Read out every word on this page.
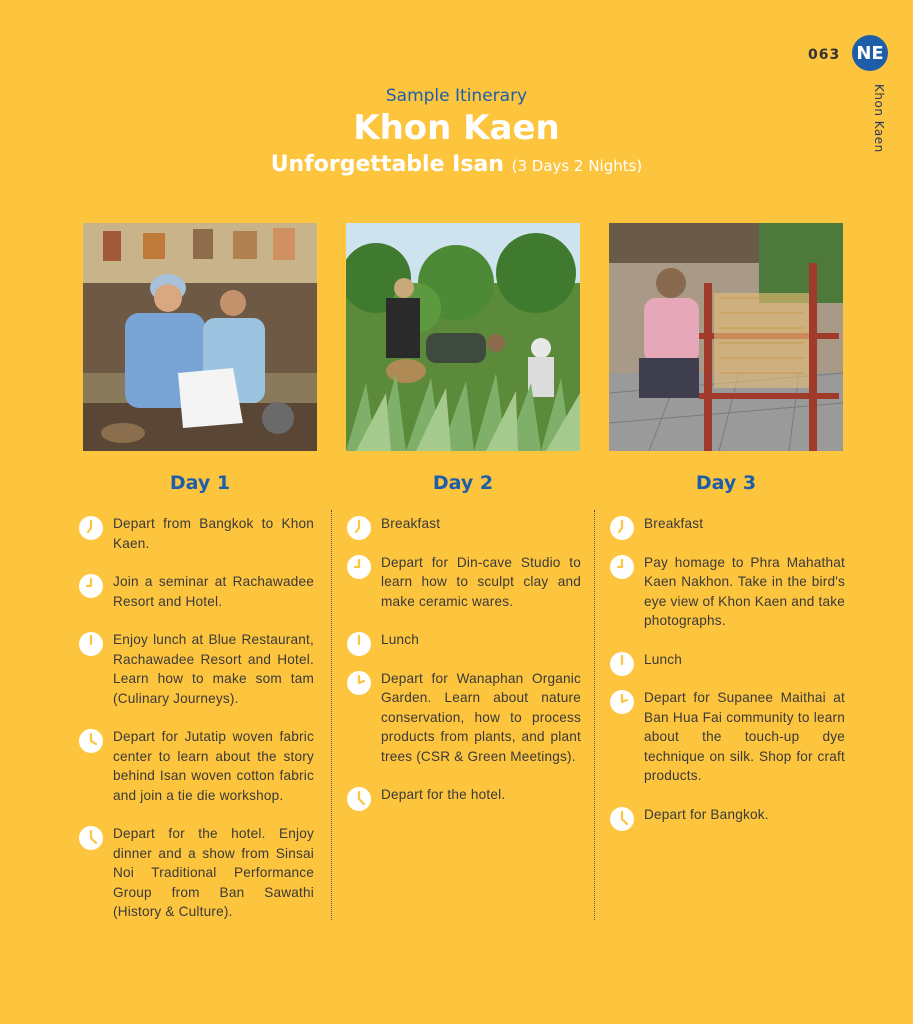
063 NE
Khon Kaen
Sample Itinerary
Khon Kaen
Unforgettable Isan (3 Days 2 Nights)
Day 1	Day 2	Day 3
Depart from Bangkok to Khon Kaen.
Join a seminar at Rachawadee Resort and Hotel.
Enjoy lunch at Blue Restaurant, Rachawadee Resort and Hotel. Learn how to make som tam (Culinary Journeys).
Depart for Jutatip woven fabric center to learn about the story behind Isan woven cotton fabric and join a tie die workshop.
Depart for the hotel. Enjoy dinner and a show from Sinsai Noi Traditional Performance Group from Ban Sawathi (History & Culture).
Breakfast
Depart for Din-cave Studio to learn how to sculpt clay and make ceramic wares.
Lunch
Depart for Wanaphan Organic Garden. Learn about nature conservation, how to process products from plants, and plant trees (CSR & Green Meetings).
Depart for the hotel.
Breakfast
Pay homage to Phra Mahathat Kaen Nakhon. Take in the bird's eye view of Khon Kaen and take photographs.
Lunch
Depart for Supanee Maithai at Ban Hua Fai community to learn about the touch-up dye technique on silk. Shop for craft products.
Depart for Bangkok.
